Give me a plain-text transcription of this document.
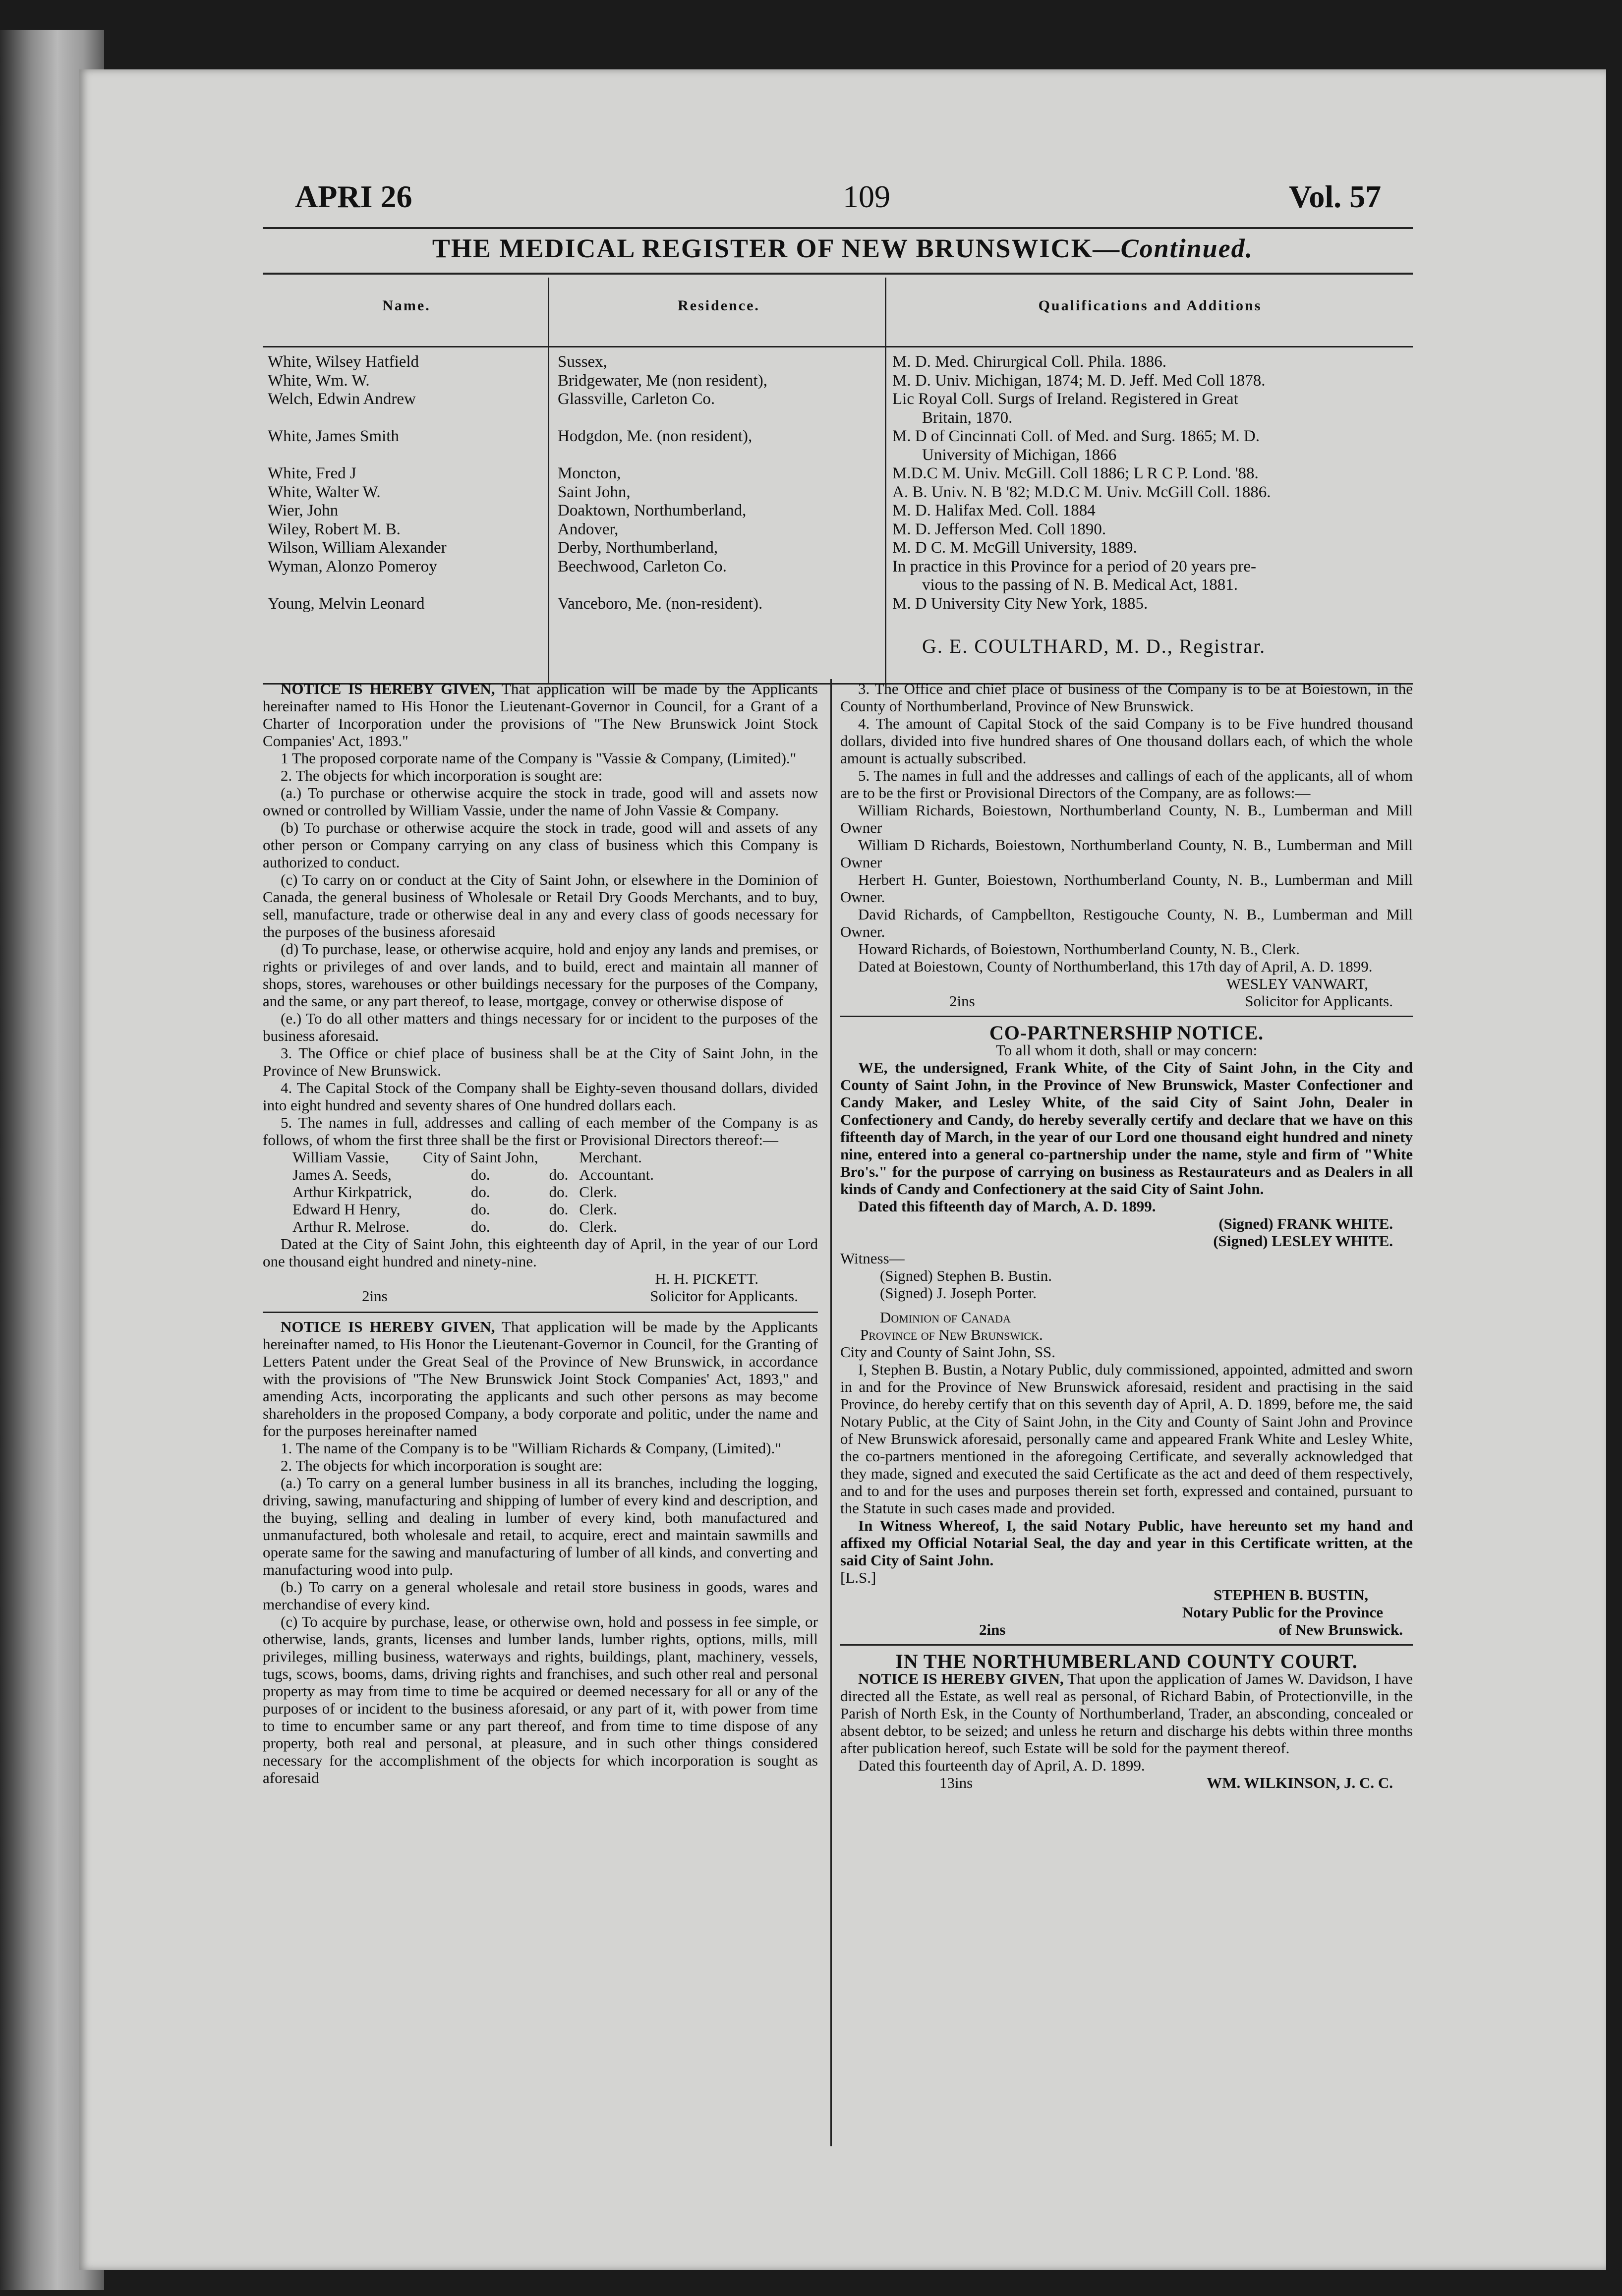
APRI 26	109	Vol. 57
THE MEDICAL REGISTER OF NEW BRUNSWICK—Continued.
Name.	Residence.	Qualifications and Additions
White, Wilsey Hatfield	Sussex,	M. D. Med. Chirurgical Coll. Phila. 1886.
White, Wm. W.	Bridgewater, Me (non resident),	M. D. Univ. Michigan, 1874; M. D. Jeff. Med Coll 1878.
Welch, Edwin Andrew	Glassville, Carleton Co.	Lic Royal Coll. Surgs of Ireland. Registered in Great
Britain, 1870.
White, James Smith	Hodgdon, Me. (non resident),	M. D of Cincinnati Coll. of Med. and Surg. 1865; M. D.
University of Michigan, 1866
White, Fred J	Moncton,	M.D.C M. Univ. McGill. Coll 1886; L R C P. Lond. '88.
White, Walter W.	Saint John,	A. B. Univ. N. B '82; M.D.C M. Univ. McGill Coll. 1886.
Wier, John	Doaktown, Northumberland,	M. D. Halifax Med. Coll. 1884
Wiley, Robert M. B.	Andover,	M. D. Jefferson Med. Coll 1890.
Wilson, William Alexander	Derby, Northumberland,	M. D C. M. McGill University, 1889.
Wyman, Alonzo Pomeroy	Beechwood, Carleton Co.	In practice in this Province for a period of 20 years pre-
vious to the passing of N. B. Medical Act, 1881.
Young, Melvin Leonard	Vanceboro, Me. (non-resident).	M. D University City New York, 1885.
G. E. COULTHARD, M. D., Registrar.

NOTICE IS HEREBY GIVEN, That application will be made by the Applicants hereinafter named to His Honor the Lieutenant-Governor in Council, for a Grant of a Charter of Incorporation under the provisions of "The New Brunswick Joint Stock Companies' Act, 1893."

1 The proposed corporate name of the Company is "Vassie & Company, (Limited)."

2. The objects for which incorporation is sought are:

(a.) To purchase or otherwise acquire the stock in trade, good will and assets now owned or controlled by William Vassie, under the name of John Vassie & Company.

(b) To purchase or otherwise acquire the stock in trade, good will and assets of any other person or Company carrying on any class of business which this Company is authorized to conduct.

(c) To carry on or conduct at the City of Saint John, or elsewhere in the Dominion of Canada, the general business of Wholesale or Retail Dry Goods Merchants, and to buy, sell, manufacture, trade or otherwise deal in any and every class of goods necessary for the purposes of the business aforesaid

(d) To purchase, lease, or otherwise acquire, hold and enjoy any lands and premises, or rights or privileges of and over lands, and to build, erect and maintain all manner of shops, stores, warehouses or other buildings necessary for the purposes of the Company, and the same, or any part thereof, to lease, mortgage, convey or otherwise dispose of

(e.) To do all other matters and things necessary for or incident to the purposes of the business aforesaid.

3. The Office or chief place of business shall be at the City of Saint John, in the Province of New Brunswick.

4. The Capital Stock of the Company shall be Eighty-seven thousand dollars, divided into eight hundred and seventy shares of One hundred dollars each.

5. The names in full, addresses and calling of each member of the Company is as follows, of whom the first three shall be the first or Provisional Directors thereof:—

William Vassie,	City of Saint John,		Merchant.
James A. Seeds,	do.	do.	Accountant.
Arthur Kirkpatrick,	do.	do.	Clerk.
Edward H Henry,	do.	do.	Clerk.
Arthur R. Melrose.	do.	do.	Clerk.

Dated at the City of Saint John, this eighteenth day of April, in the year of our Lord one thousand eight hundred and ninety-nine.

H. H. PICKETT.

2ins	Solicitor for Applicants.

NOTICE IS HEREBY GIVEN, That application will be made by the Applicants hereinafter named, to His Honor the Lieutenant-Governor in Council, for the Granting of Letters Patent under the Great Seal of the Province of New Brunswick, in accordance with the provisions of "The New Brunswick Joint Stock Companies' Act, 1893," and amending Acts, incorporating the applicants and such other persons as may become shareholders in the proposed Company, a body corporate and politic, under the name and for the purposes hereinafter named

1. The name of the Company is to be "William Richards & Company, (Limited)."

2. The objects for which incorporation is sought are:

(a.) To carry on a general lumber business in all its branches, including the logging, driving, sawing, manufacturing and shipping of lumber of every kind and description, and the buying, selling and dealing in lumber of every kind, both manufactured and unmanufactured, both wholesale and retail, to acquire, erect and maintain sawmills and operate same for the sawing and manufacturing of lumber of all kinds, and converting and manufacturing wood into pulp.

(b.) To carry on a general wholesale and retail store business in goods, wares and merchandise of every kind.

(c) To acquire by purchase, lease, or otherwise own, hold and possess in fee simple, or otherwise, lands, grants, licenses and lumber lands, lumber rights, options, mills, mill privileges, milling business, waterways and rights, buildings, plant, machinery, vessels, tugs, scows, booms, dams, driving rights and franchises, and such other real and personal property as may from time to time be acquired or deemed necessary for all or any of the purposes of or incident to the business aforesaid, or any part of it, with power from time to time to encumber same or any part thereof, and from time to time dispose of any property, both real and personal, at pleasure, and in such other things considered necessary for the accomplishment of the objects for which incorporation is sought as aforesaid

3. The Office and chief place of business of the Company is to be at Boiestown, in the County of Northumberland, Province of New Brunswick.

4. The amount of Capital Stock of the said Company is to be Five hundred thousand dollars, divided into five hundred shares of One thousand dollars each, of which the whole amount is actually subscribed.

5. The names in full and the addresses and callings of each of the applicants, all of whom are to be the first or Provisional Directors of the Company, are as follows:—

William Richards, Boiestown, Northumberland County, N. B., Lumberman and Mill Owner

William D Richards, Boiestown, Northumberland County, N. B., Lumberman and Mill Owner

Herbert H. Gunter, Boiestown, Northumberland County, N. B., Lumberman and Mill Owner.

David Richards, of Campbellton, Restigouche County, N. B., Lumberman and Mill Owner.

Howard Richards, of Boiestown, Northumberland County, N. B., Clerk.

Dated at Boiestown, County of Northumberland, this 17th day of April, A. D. 1899.

WESLEY VANWART,

2ins	Solicitor for Applicants.

CO-PARTNERSHIP NOTICE.

To all whom it doth, shall or may concern:

WE, the undersigned, Frank White, of the City of Saint John, in the City and County of Saint John, in the Province of New Brunswick, Master Confectioner and Candy Maker, and Lesley White, of the said City of Saint John, Dealer in Confectionery and Candy, do hereby severally certify and declare that we have on this fifteenth day of March, in the year of our Lord one thousand eight hundred and ninety nine, entered into a general co-partnership under the name, style and firm of "White Bro's." for the purpose of carrying on business as Restaurateurs and as Dealers in all kinds of Candy and Confectionery at the said City of Saint John.

Dated this fifteenth day of March, A. D. 1899.

(Signed) FRANK WHITE.

(Signed) LESLEY WHITE.

Witness—

(Signed) Stephen B. Bustin.

(Signed) J. Joseph Porter.

Dominion of Canada

Province of New Brunswick.

City and County of Saint John, SS.

I, Stephen B. Bustin, a Notary Public, duly commissioned, appointed, admitted and sworn in and for the Province of New Brunswick aforesaid, resident and practising in the said Province, do hereby certify that on this seventh day of April, A. D. 1899, before me, the said Notary Public, at the City of Saint John, in the City and County of Saint John and Province of New Brunswick aforesaid, personally came and appeared Frank White and Lesley White, the co-partners mentioned in the aforegoing Certificate, and severally acknowledged that they made, signed and executed the said Certificate as the act and deed of them respectively, and to and for the uses and purposes therein set forth, expressed and contained, pursuant to the Statute in such cases made and provided.

In Witness Whereof, I, the said Notary Public, have hereunto set my hand and affixed my Official Notarial Seal, the day and year in this Certificate written, at the said City of Saint John.

[L.S.]

STEPHEN B. BUSTIN,

Notary Public for the Province

2ins	of New Brunswick.

IN THE NORTHUMBERLAND COUNTY COURT.

NOTICE IS HEREBY GIVEN, That upon the application of James W. Davidson, I have directed all the Estate, as well real as personal, of Richard Babin, of Protectionville, in the Parish of North Esk, in the County of Northumberland, Trader, an absconding, concealed or absent debtor, to be seized; and unless he return and discharge his debts within three months after publication hereof, such Estate will be sold for the payment thereof.

Dated this fourteenth day of April, A. D. 1899.

13ins	WM. WILKINSON, J. C. C.
